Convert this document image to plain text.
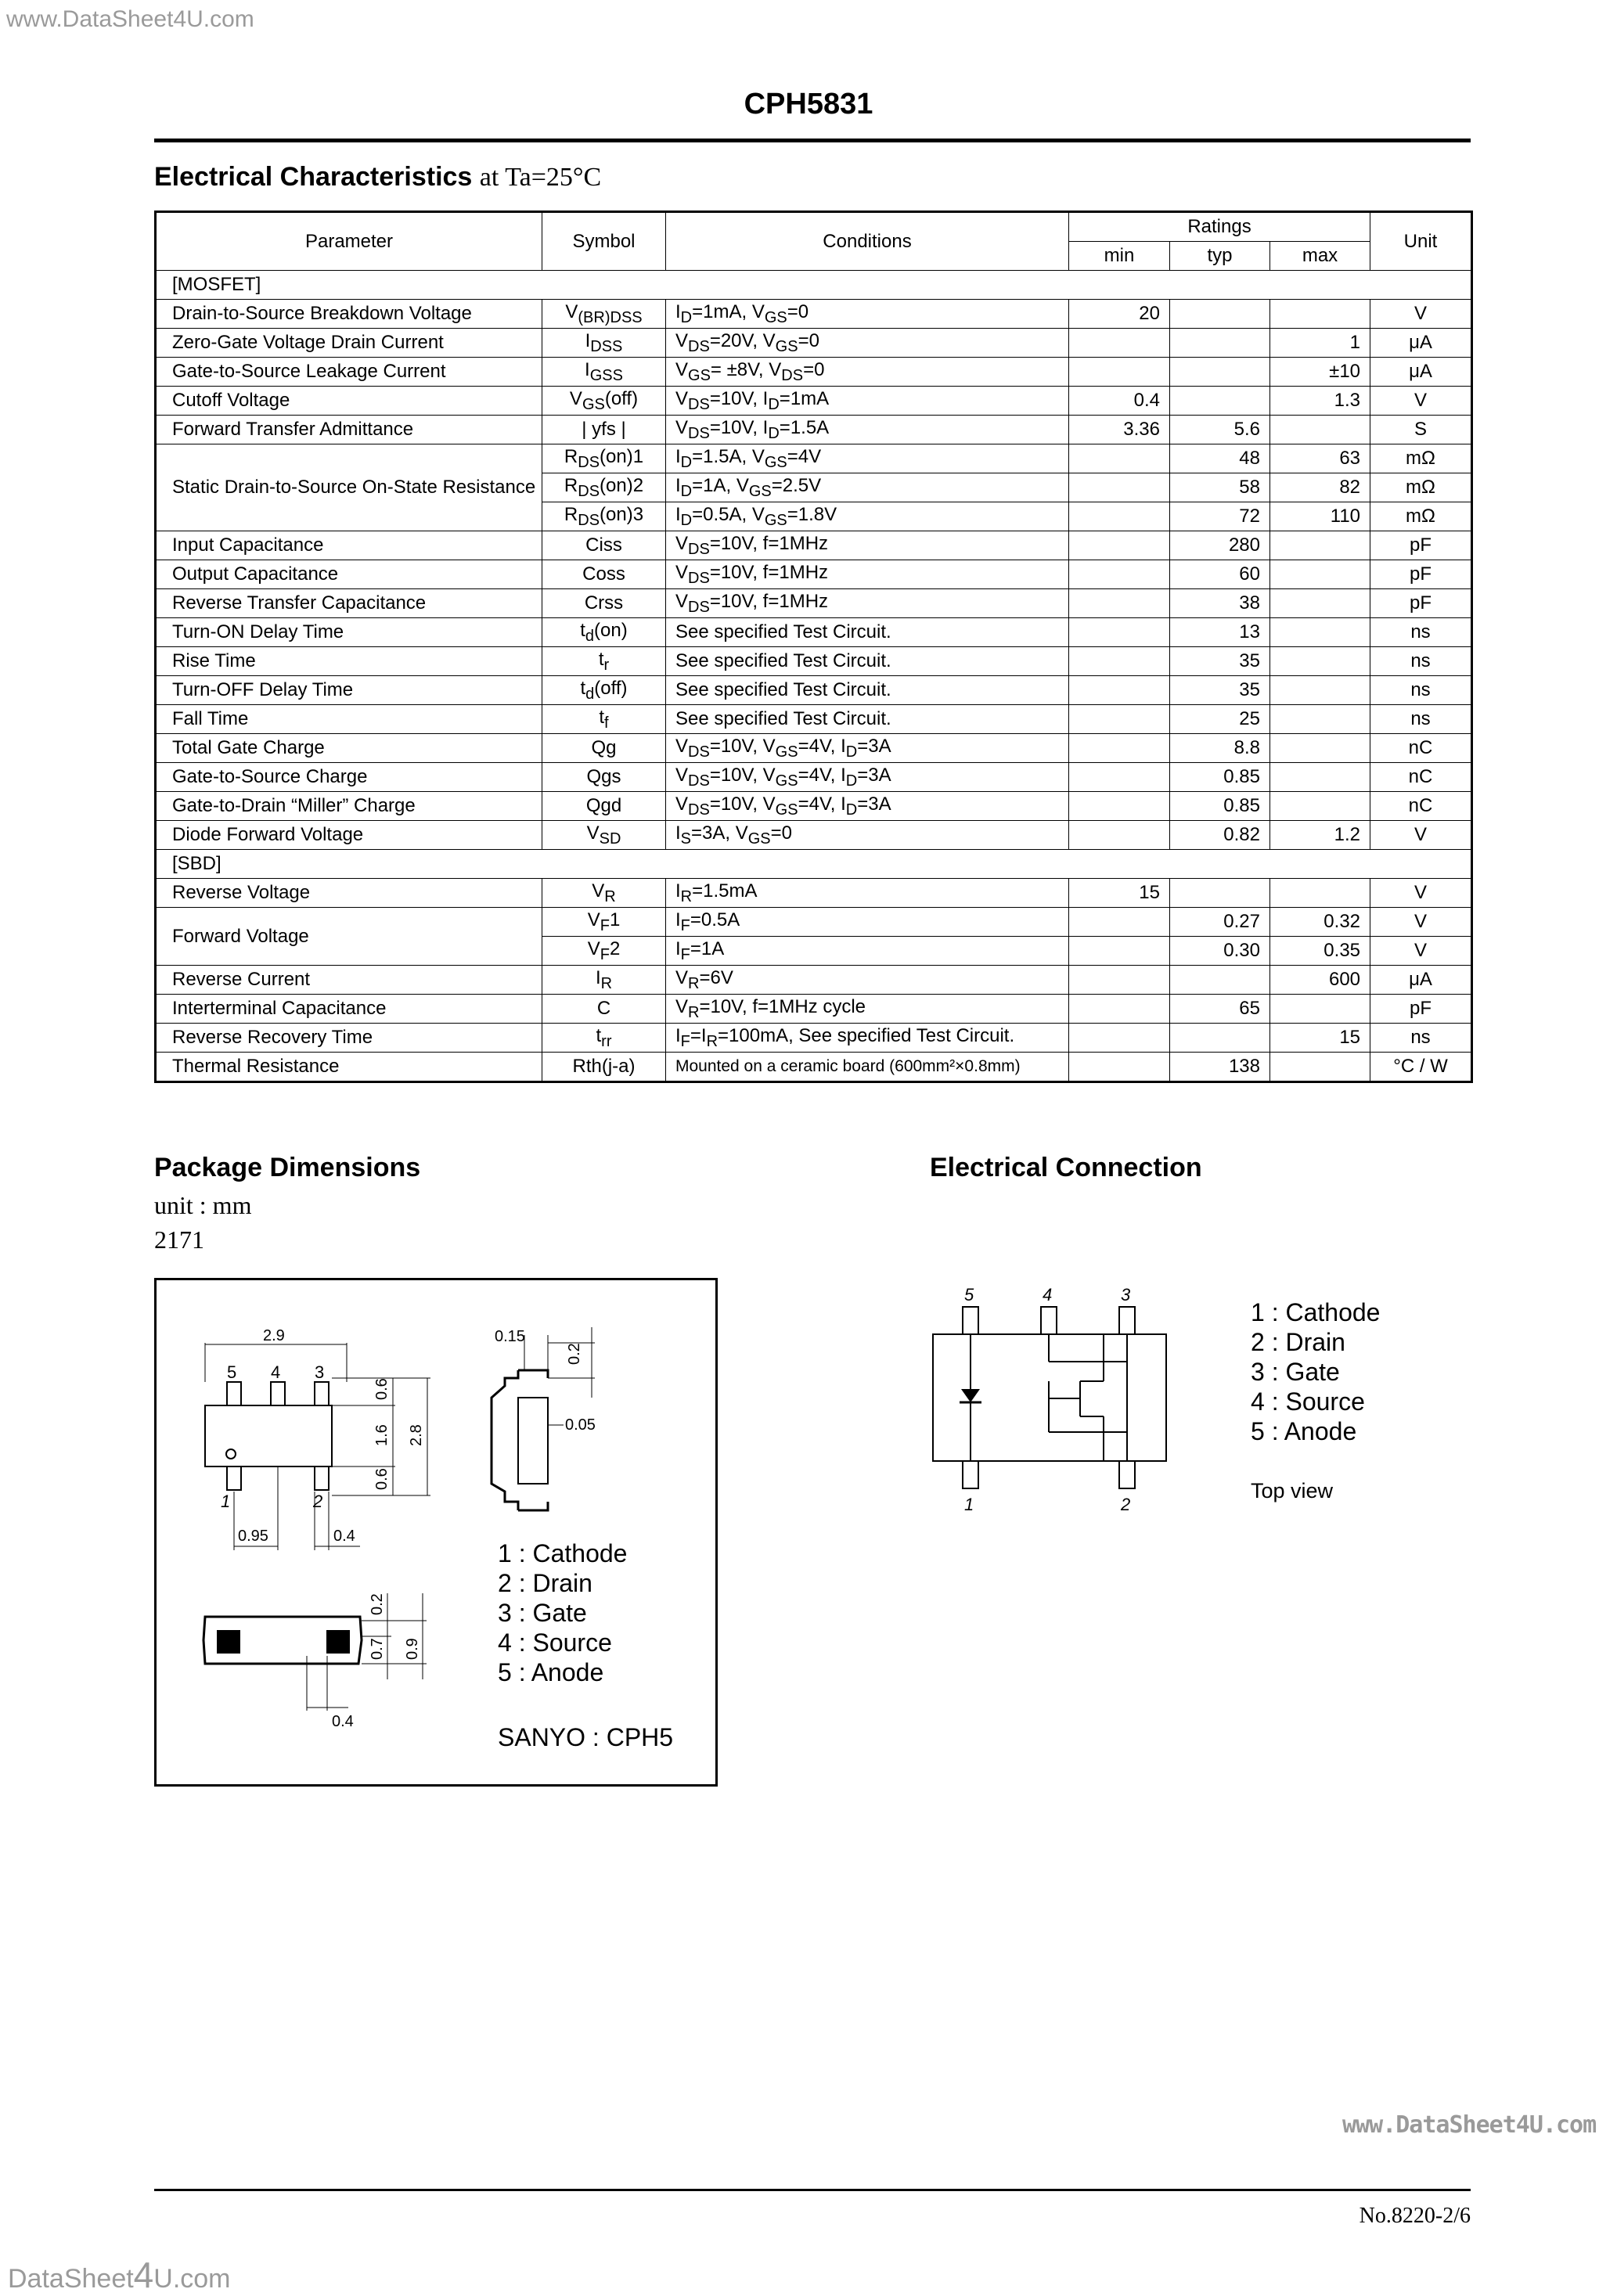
www.DataSheet4U.com
CPH5831
Electrical Characteristics at Ta=25°C
Parameter	Symbol	Conditions	Ratings			Unit
			min	typ	max	
[MOSFET]						
Drain-to-Source Breakdown Voltage	$V_{(BR)DSS}$	$I_D=1mA$, $V_{GS}=0$	20			V
Zero-Gate Voltage Drain Current	$I_{DSS}$	$V_{DS}=20V$, $V_{GS}=0$			1	μA
Gate-to-Source Leakage Current	$I_{GSS}$	$V_{GS}= \pm 8V$, $V_{DS}=0$			±10	μA
Cutoff Voltage	$V_{GS}(off)$	$V_{DS}=10V$, $I_D=1mA$	0.4		1.3	V
Forward Transfer Admittance	| yfs |	$V_{DS}=10V$, $I_D=1.5A$	3.36	5.6		S
Static Drain-to-Source On-State Resistance	$R_{DS}(on)1$	$I_D=1.5A$, $V_{GS}=4V$		48	63	mΩ
	$R_{DS}(on)2$	$I_D=1A$, $V_{GS}=2.5V$		58	82	mΩ
	$R_{DS}(on)3$	$I_D=0.5A$, $V_{GS}=1.8V$		72	110	mΩ
Input Capacitance	Ciss	$V_{DS}=10V$, f=1MHz		280		pF
Output Capacitance	Coss	$V_{DS}=10V$, f=1MHz		60		pF
Reverse Transfer Capacitance	Crss	$V_{DS}=10V$, f=1MHz		38		pF
Turn-ON Delay Time	$t_d(on)$	See specified Test Circuit.		13		ns
Rise Time	$t_r$	See specified Test Circuit.		35		ns
Turn-OFF Delay Time	$t_d(off)$	See specified Test Circuit.		35		ns
Fall Time	$t_f$	See specified Test Circuit.		25		ns
Total Gate Charge	Qg	$V_{DS}=10V$, $V_{GS}=4V$, $I_D=3A$		8.8		nC
Gate-to-Source Charge	Qgs	$V_{DS}=10V$, $V_{GS}=4V$, $I_D=3A$		0.85		nC
Gate-to-Drain “Miller” Charge	Qgd	$V_{DS}=10V$, $V_{GS}=4V$, $I_D=3A$		0.85		nC
Diode Forward Voltage	$V_{SD}$	$I_S=3A$, $V_{GS}=0$		0.82	1.2	V
[SBD]						
Reverse Voltage	$V_R$	$I_R=1.5mA$	15			V
Forward Voltage	$V_F1$	$I_F=0.5A$		0.27	0.32	V
	$V_F2$	$I_F=1A$		0.30	0.35	V
Reverse Current	$I_R$	$V_R=6V$			600	μA
Interterminal Capacitance	C	$V_R=10V$, f=1MHz cycle		65		pF
Reverse Recovery Time	$t_{rr}$	$I_F=I_R=100mA$, See specified Test Circuit.			15	ns
Thermal Resistance	Rth(j-a)	Mounted on a ceramic board (600mm²×0.8mm)		138		°C / W
Package Dimensions
unit : mm
2171
2.9	0.15
0.2
0.05
0.6
1.6 2.8
0.6
0.95	0.4
0.2
0.7 0.9
0.4
5 4 3
1	2
1 : Cathode
2 : Drain
3 : Gate
4 : Source
5 : Anode
SANYO : CPH5
Electrical Connection
5	4	3
1	2
1 : Cathode
2 : Drain
3 : Gate
4 : Source
5 : Anode
Top view
www.DataSheet4U.com
No.8220-2/6
DataSheet4U.com
